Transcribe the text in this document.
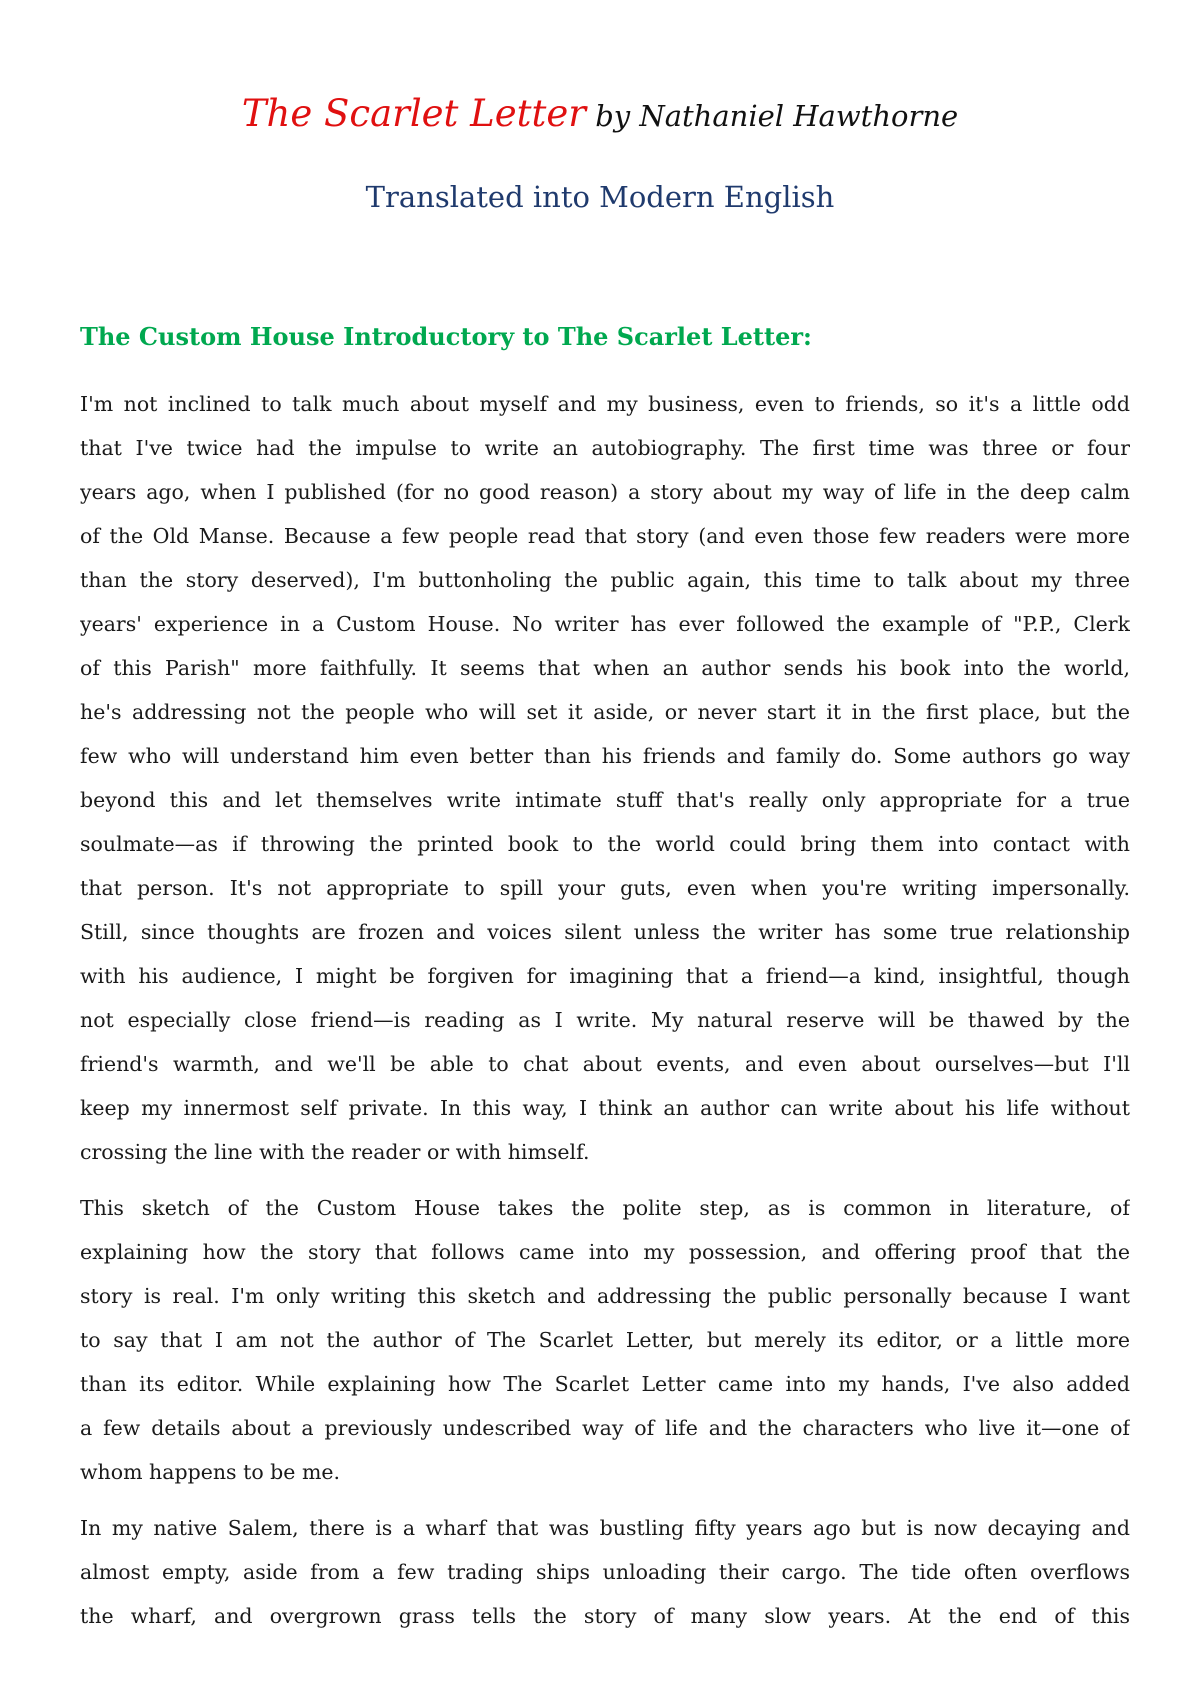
The Scarlet Letter by Nathaniel Hawthorne
Translated into Modern English
The Custom House Introductory to The Scarlet Letter:
I'm not inclined to talk much about myself and my business, even to friends, so it's a little odd
that I've twice had the impulse to write an autobiography. The first time was three or four
years ago, when I published (for no good reason) a story about my way of life in the deep calm
of the Old Manse. Because a few people read that story (and even those few readers were more
than the story deserved), I'm buttonholing the public again, this time to talk about my three
years' experience in a Custom House. No writer has ever followed the example of "P.P., Clerk
of this Parish" more faithfully. It seems that when an author sends his book into the world,
he's addressing not the people who will set it aside, or never start it in the first place, but the
few who will understand him even better than his friends and family do. Some authors go way
beyond this and let themselves write intimate stuff that's really only appropriate for a true
soulmate—as if throwing the printed book to the world could bring them into contact with
that person. It's not appropriate to spill your guts, even when you're writing impersonally.
Still, since thoughts are frozen and voices silent unless the writer has some true relationship
with his audience, I might be forgiven for imagining that a friend—a kind, insightful, though
not especially close friend—is reading as I write. My natural reserve will be thawed by the
friend's warmth, and we'll be able to chat about events, and even about ourselves—but I'll
keep my innermost self private. In this way, I think an author can write about his life without
crossing the line with the reader or with himself.
This sketch of the Custom House takes the polite step, as is common in literature, of
explaining how the story that follows came into my possession, and offering proof that the
story is real. I'm only writing this sketch and addressing the public personally because I want
to say that I am not the author of The Scarlet Letter, but merely its editor, or a little more
than its editor. While explaining how The Scarlet Letter came into my hands, I've also added
a few details about a previously undescribed way of life and the characters who live it—one of
whom happens to be me.
In my native Salem, there is a wharf that was bustling fifty years ago but is now decaying and
almost empty, aside from a few trading ships unloading their cargo. The tide often overflows
the wharf, and overgrown grass tells the story of many slow years. At the end of this
